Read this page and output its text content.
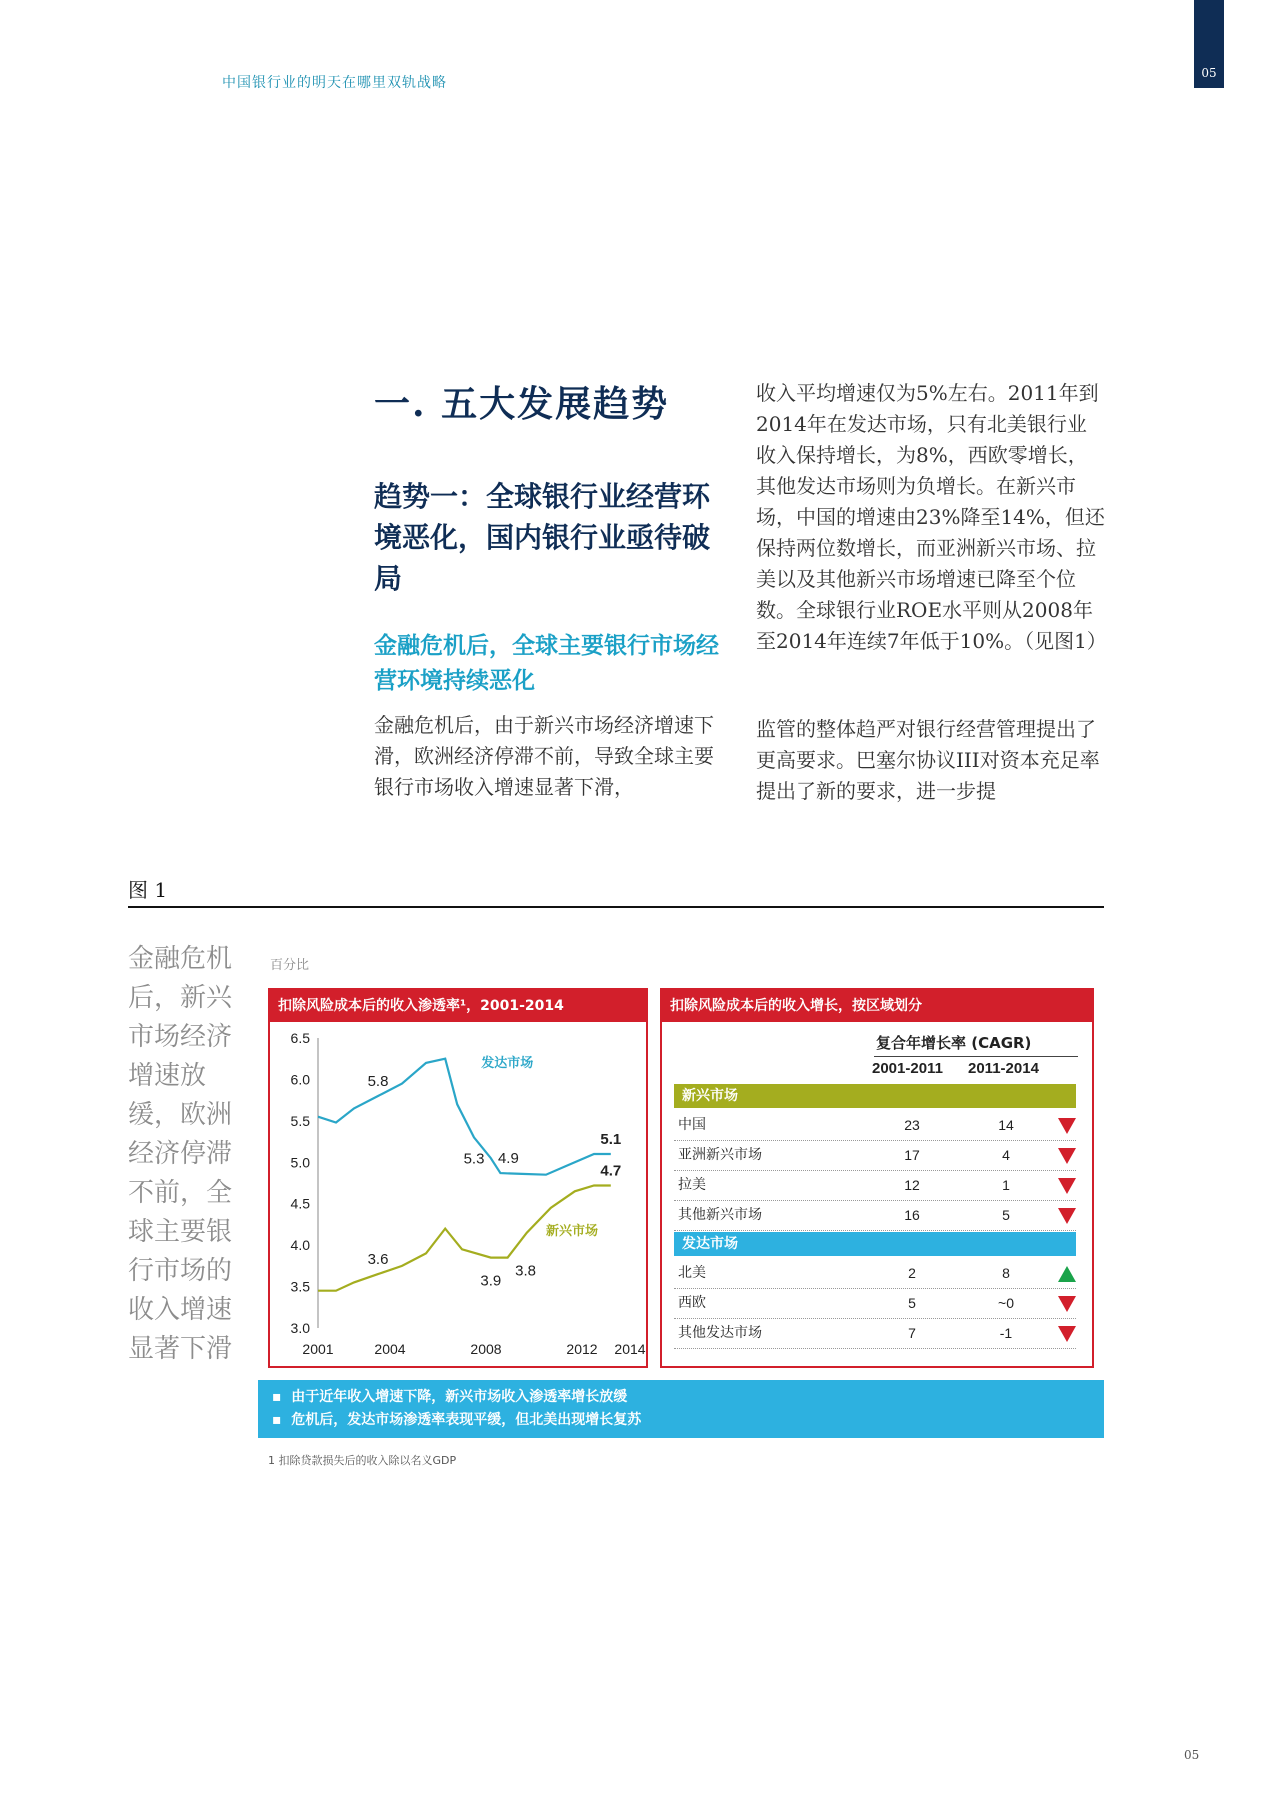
中国银行业的明天在哪里双轨战略
05
一. 五大发展趋势
趋势一：全球银行业经营环境恶化，国内银行业亟待破局
金融危机后，全球主要银行市场经营环境持续恶化
金融危机后，由于新兴市场经济增速下滑，欧洲经济停滞不前，导致全球主要银行市场收入增速显著下滑，
收入平均增速仅为5%左右。2011年到2014年在发达市场，只有北美银行业收入保持增长，为8%，西欧零增长，其他发达市场则为负增长。在新兴市场，中国的增速由23%降至14%，但还保持两位数增长，而亚洲新兴市场、拉美以及其他新兴市场增速已降至个位数。全球银行业ROE水平则从2008年至2014年连续7年低于10%。（见图1）
监管的整体趋严对银行经营管理提出了更高要求。巴塞尔协议III对资本充足率提出了新的要求，进一步提
图 1
金融危机后，新兴市场经济增速放缓，欧洲经济停滞不前，全球主要银行市场的收入增速显著下滑
百分比
扣除风险成本后的收入渗透率¹，2001-2014
6.5
6.0
5.5
5.0
4.5
4.0
3.5
3.0
2001	2004	2008	2012 2014
5.8
5.3 4.9
5.1
3.6
3.9
3.8
4.7
发达市场
新兴市场
扣除风险成本后的收入增长，按区域划分
复合年增长率 (CAGR)
2001-2011 2011-2014
新兴市场
中国	23	14
亚洲新兴市场	17	4
拉美	12	1
其他新兴市场	16	5
发达市场
北美	2	8
西欧	5	~0
其他发达市场	7	-1
▪  由于近年收入增速下降，新兴市场收入渗透率增长放缓
▪  危机后，发达市场渗透率表现平缓，但北美出现增长复苏
1 扣除贷款损失后的收入除以名义GDP
05
